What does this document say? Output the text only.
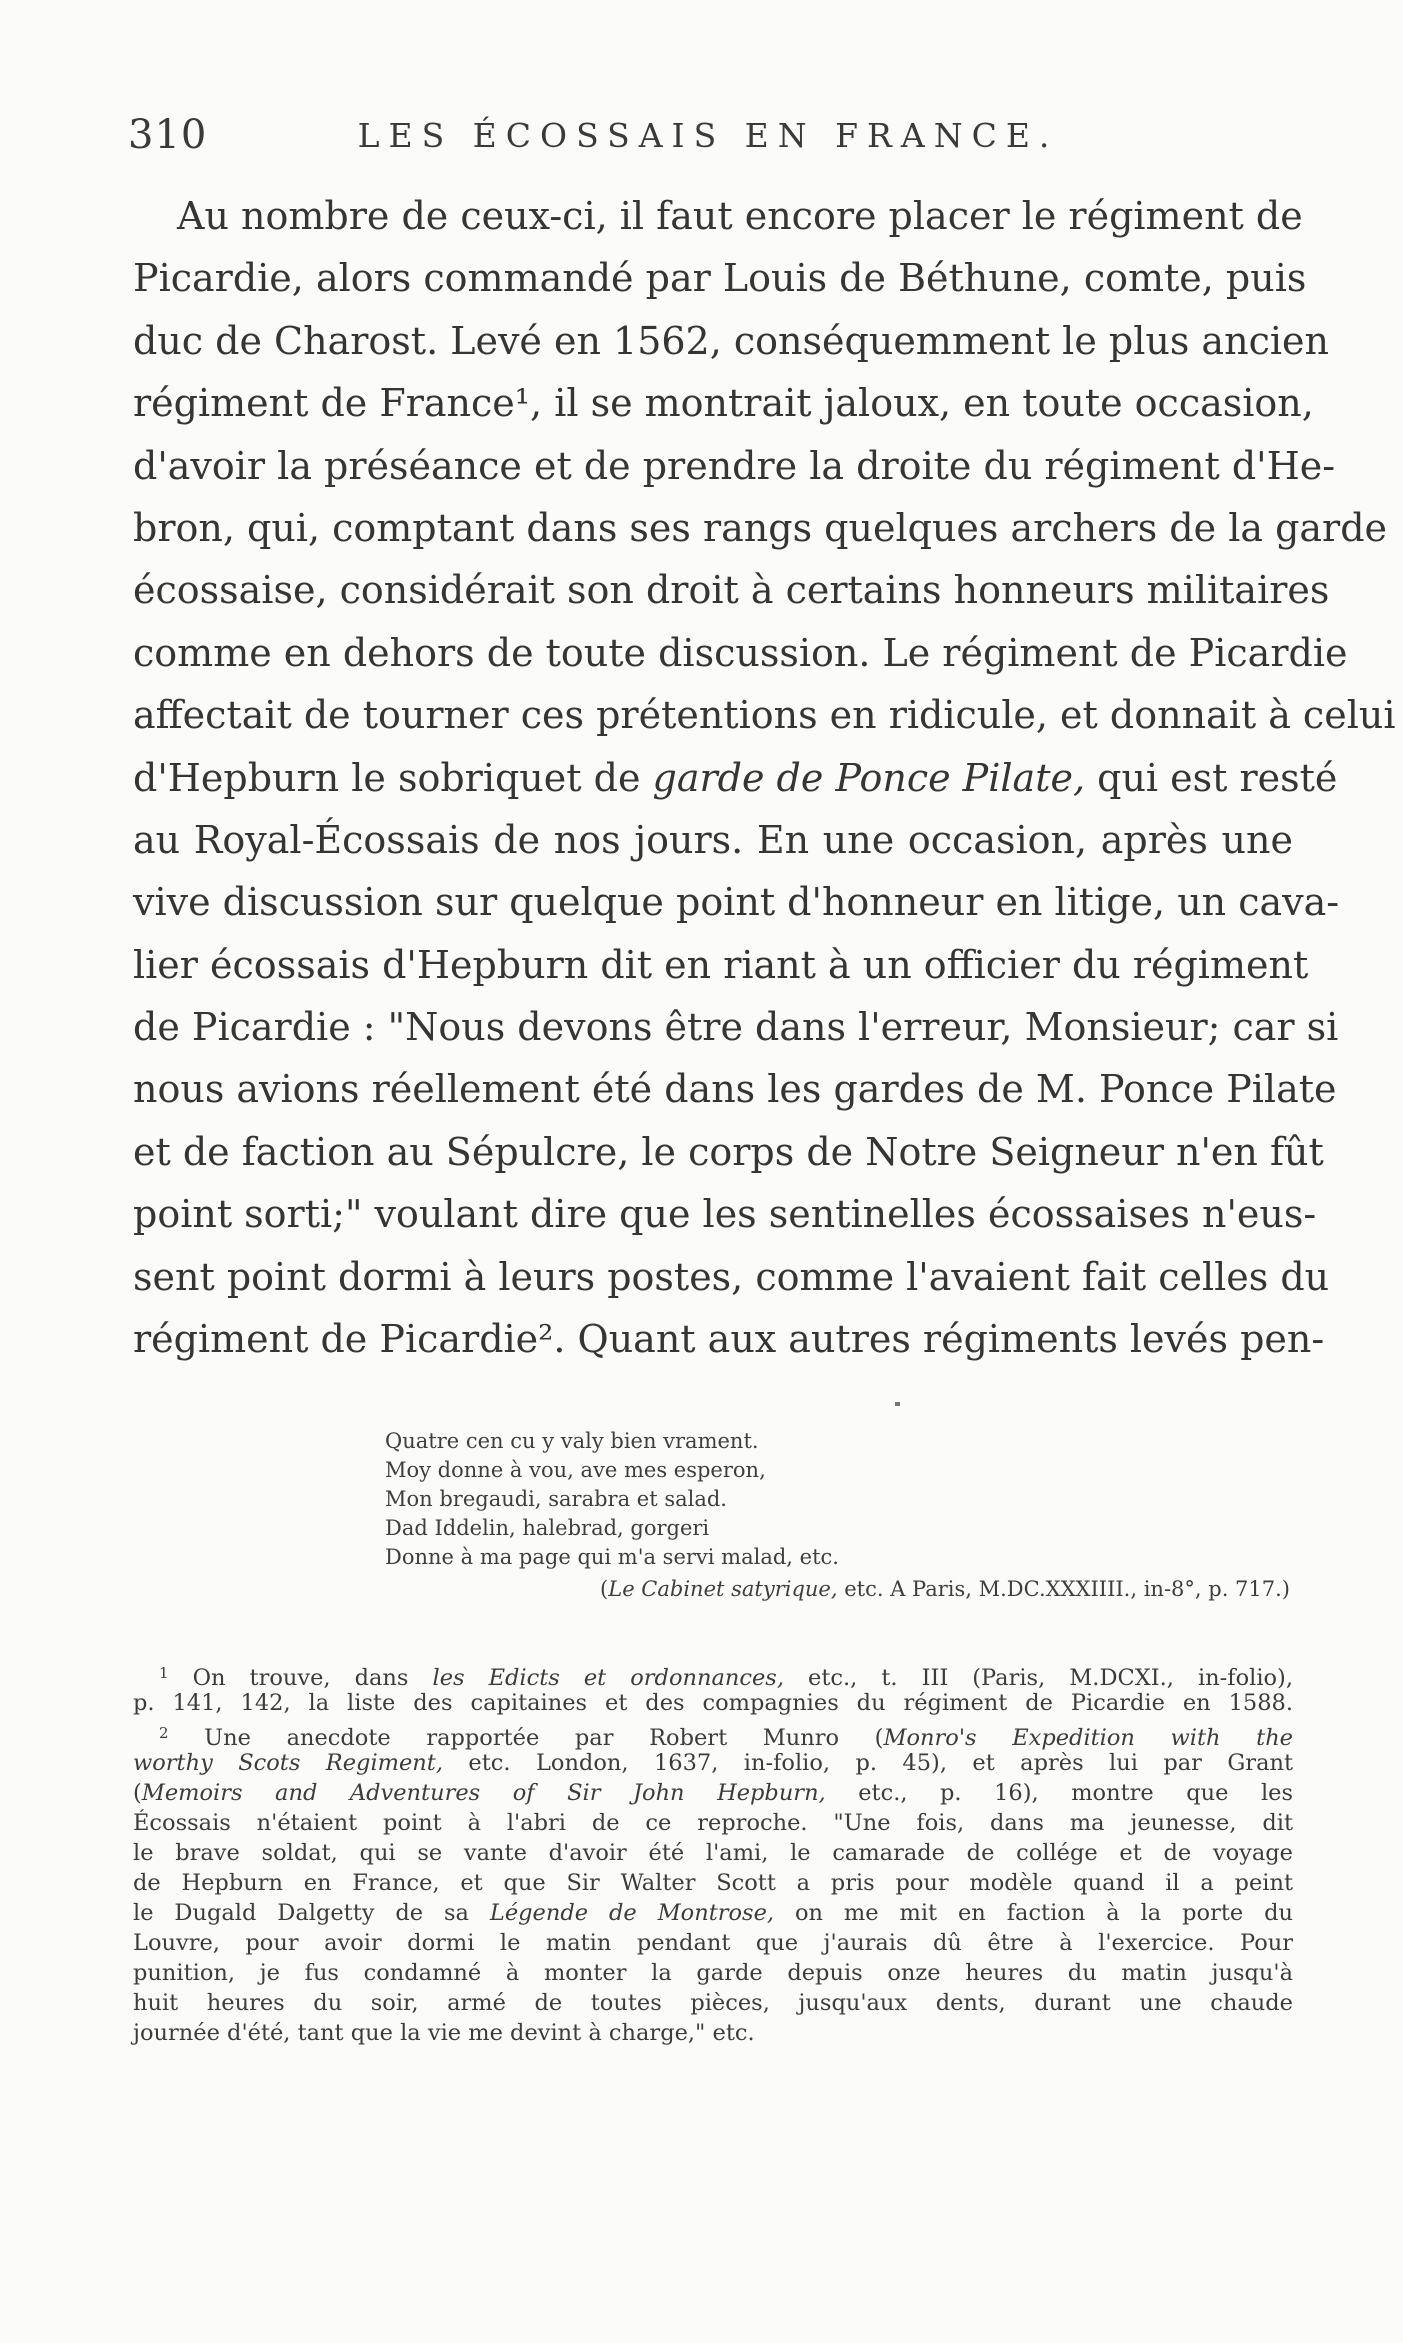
310	LES ÉCOSSAIS EN FRANCE.
Au nombre de ceux-ci, il faut encore placer le régiment de
Picardie, alors commandé par Louis de Béthune, comte, puis
duc de Charost. Levé en 1562, conséquemment le plus ancien
régiment de France¹, il se montrait jaloux, en toute occasion,
d'avoir la préséance et de prendre la droite du régiment d'He-
bron, qui, comptant dans ses rangs quelques archers de la garde
écossaise, considérait son droit à certains honneurs militaires
comme en dehors de toute discussion. Le régiment de Picardie
affectait de tourner ces prétentions en ridicule, et donnait à celui
d'Hepburn le sobriquet de garde de Ponce Pilate, qui est resté
au Royal-Écossais de nos jours. En une occasion, après une
vive discussion sur quelque point d'honneur en litige, un cava-
lier écossais d'Hepburn dit en riant à un officier du régiment
de Picardie : "Nous devons être dans l'erreur, Monsieur; car si
nous avions réellement été dans les gardes de M. Ponce Pilate
et de faction au Sépulcre, le corps de Notre Seigneur n'en fût
point sorti;" voulant dire que les sentinelles écossaises n'eus-
sent point dormi à leurs postes, comme l'avaient fait celles du
régiment de Picardie². Quant aux autres régiments levés pen-
Quatre cen cu y valy bien vrament.
Moy donne à vou, ave mes esperon,
Mon bregaudi, sarabra et salad.
Dad Iddelin, halebrad, gorgeri
Donne à ma page qui m'a servi malad, etc.
(Le Cabinet satyrique, etc. A Paris, M.DC.XXXIIII., in-8°, p. 717.)
$^1$ On trouve, dans les Edicts et ordonnances, etc., t. III (Paris, M.DCXI., in-folio),
p. 141, 142, la liste des capitaines et des compagnies du régiment de Picardie en 1588.
$^2$ Une anecdote rapportée par Robert Munro (Monro's Expedition with the
worthy Scots Regiment, etc. London, 1637, in-folio, p. 45), et après lui par Grant
(Memoirs and Adventures of Sir John Hepburn, etc., p. 16), montre que les
Écossais n'étaient point à l'abri de ce reproche. "Une fois, dans ma jeunesse, dit
le brave soldat, qui se vante d'avoir été l'ami, le camarade de collége et de voyage
de Hepburn en France, et que Sir Walter Scott a pris pour modèle quand il a peint
le Dugald Dalgetty de sa Légende de Montrose, on me mit en faction à la porte du
Louvre, pour avoir dormi le matin pendant que j'aurais dû être à l'exercice. Pour
punition, je fus condamné à monter la garde depuis onze heures du matin jusqu'à
huit heures du soir, armé de toutes pièces, jusqu'aux dents, durant une chaude
journée d'été, tant que la vie me devint à charge," etc.
